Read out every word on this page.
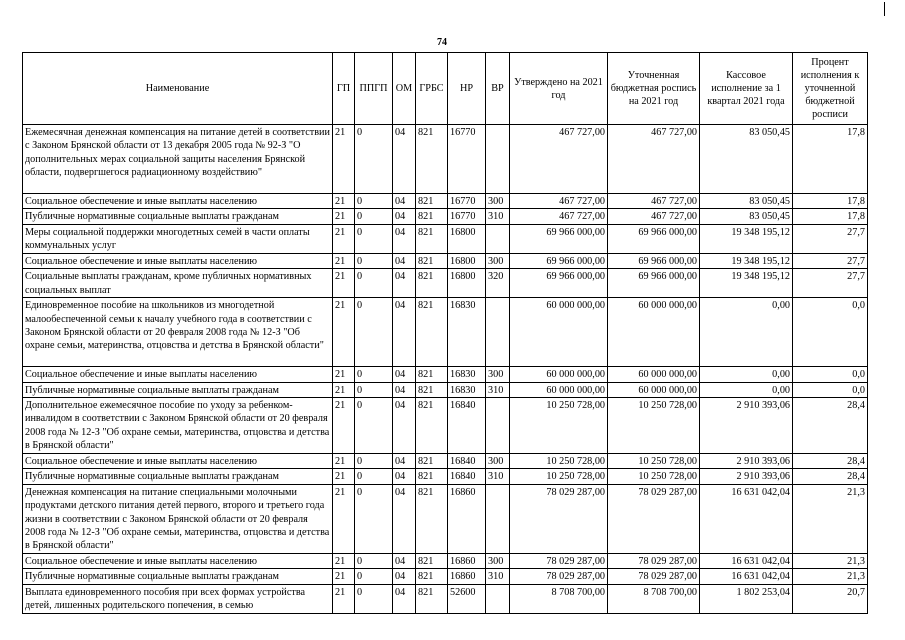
74
Наименование	ГП	ППГП	ОМ	ГРБС	НР	ВР	Утверждено на 2021 год	Уточненная бюджетная роспись на 2021 год	Кассовое исполнение за 1 квартал 2021 года	Процент исполнения к уточненной бюджетной росписи
Ежемесячная денежная компенсация на питание детей в соответствии с Законом Брянской области от 13 декабря 2005 года № 92-З "О дополнительных мерах социальной защиты населения Брянской области, подвергшегося радиационному воздействию"	21	0	04	821	16770		467 727,00	467 727,00	83 050,45	17,8
Социальное обеспечение и иные выплаты населению	21	0	04	821	16770	300	467 727,00	467 727,00	83 050,45	17,8
Публичные нормативные социальные выплаты гражданам	21	0	04	821	16770	310	467 727,00	467 727,00	83 050,45	17,8
Меры социальной поддержки многодетных семей в части оплаты коммунальных услуг	21	0	04	821	16800		69 966 000,00	69 966 000,00	19 348 195,12	27,7
Социальное обеспечение и иные выплаты населению	21	0	04	821	16800	300	69 966 000,00	69 966 000,00	19 348 195,12	27,7
Социальные выплаты гражданам, кроме публичных нормативных социальных выплат	21	0	04	821	16800	320	69 966 000,00	69 966 000,00	19 348 195,12	27,7
Единовременное пособие на школьников из многодетной малообеспеченной семьи к началу учебного года в соответствии с Законом Брянской области от 20 февраля 2008 года № 12-З "Об охране семьи, материнства, отцовства и детства в Брянской области"	21	0	04	821	16830		60 000 000,00	60 000 000,00	0,00	0,0
Социальное обеспечение и иные выплаты населению	21	0	04	821	16830	300	60 000 000,00	60 000 000,00	0,00	0,0
Публичные нормативные социальные выплаты гражданам	21	0	04	821	16830	310	60 000 000,00	60 000 000,00	0,00	0,0
Дополнительное ежемесячное пособие по уходу за ребенком-инвалидом в соответствии с Законом Брянской области от 20 февраля 2008 года № 12-З "Об охране семьи, материнства, отцовства и детства в Брянской области"	21	0	04	821	16840		10 250 728,00	10 250 728,00	2 910 393,06	28,4
Социальное обеспечение и иные выплаты населению	21	0	04	821	16840	300	10 250 728,00	10 250 728,00	2 910 393,06	28,4
Публичные нормативные социальные выплаты гражданам	21	0	04	821	16840	310	10 250 728,00	10 250 728,00	2 910 393,06	28,4
Денежная компенсация на питание специальными молочными продуктами детского питания детей первого, второго и третьего года жизни в соответствии с Законом Брянской области от 20 февраля 2008 года № 12-З "Об охране семьи, материнства, отцовства и детства в Брянской области"	21	0	04	821	16860		78 029 287,00	78 029 287,00	16 631 042,04	21,3
Социальное обеспечение и иные выплаты населению	21	0	04	821	16860	300	78 029 287,00	78 029 287,00	16 631 042,04	21,3
Публичные нормативные социальные выплаты гражданам	21	0	04	821	16860	310	78 029 287,00	78 029 287,00	16 631 042,04	21,3
Выплата единовременного пособия при всех формах устройства детей, лишенных родительского попечения, в семью	21	0	04	821	52600		8 708 700,00	8 708 700,00	1 802 253,04	20,7
